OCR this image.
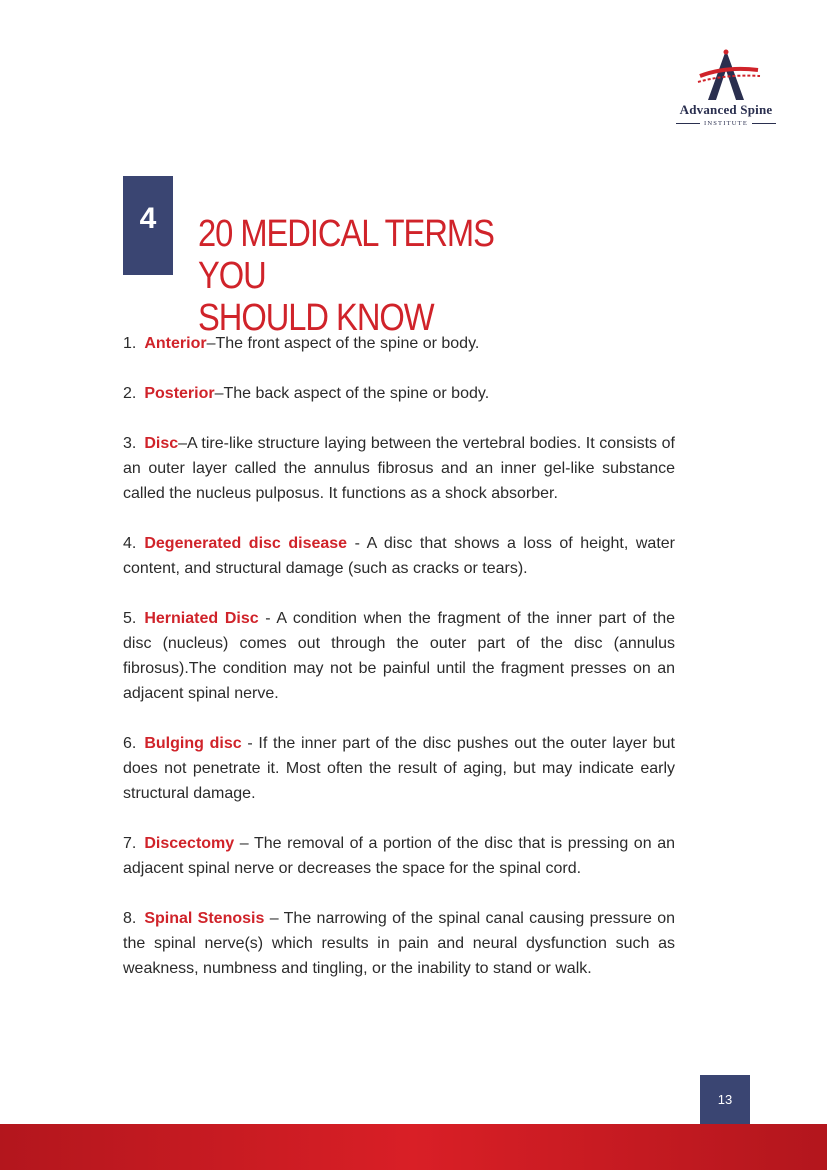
Advanced Spine
INSTITUTE
4	20 MEDICAL TERMS YOU
SHOULD KNOW
1. Anterior–The front aspect of the spine or body.
2. Posterior–The back aspect of the spine or body.
3. Disc–A tire-like structure laying between the vertebral bodies. It consists of an outer layer called the annulus fibrosus and an inner gel-like substance called the nucleus pulposus. It functions as a shock absorber.
4. Degenerated disc disease - A disc that shows a loss of height, water content, and structural damage (such as cracks or tears).
5. Herniated Disc - A condition when the fragment of the inner part of the disc (nucleus) comes out through the outer part of the disc (annulus fibrosus).The condition may not be painful until the fragment presses on an adjacent spinal nerve.
6. Bulging disc - If the inner part of the disc pushes out the outer layer but does not penetrate it. Most often the result of aging, but may indicate early structural damage.
7. Discectomy – The removal of a portion of the disc that is pressing on an adjacent spinal nerve or decreases the space for the spinal cord.
8. Spinal Stenosis – The narrowing of the spinal canal causing pressure on the spinal nerve(s) which results in pain and neural dysfunction such as weakness, numbness and tingling, or the inability to stand or walk.
13
